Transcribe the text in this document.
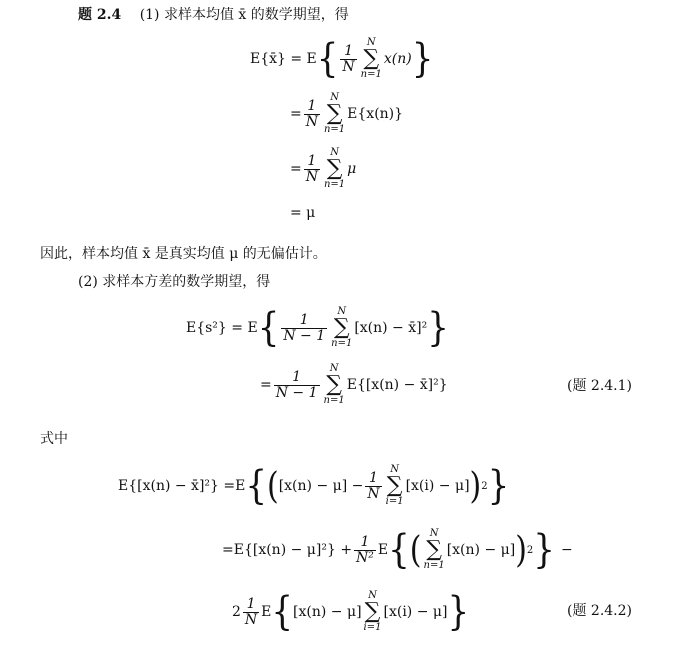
题 2.4 (1) 求样本均值 x̄ 的数学期望，得
E{x̄} = E { $\frac{1}{N}$
N
∑
n=1
x(n) }
= $\frac{1}{N}$
N
∑
n=1
E{x(n)}
= $\frac{1}{N}$
N
∑
n=1
μ
= μ
因此，样本均值 x̄ 是真实均值 μ 的无偏估计。
(2) 求样本方差的数学期望，得
E{s²} = E { $\frac{1}{N - 1}$
N
∑
n=1
[x(n) − x̄]² }
= $\frac{1}{N - 1}$
N
∑
n=1
E{[x(n) − x̄]²}	(题 2.4.1)
式中
E{[x(n) − x̄]²} =E { ( $[x(n) - \mu] - \frac{1}{N}$
N
∑
i=1
[x(i) − μ] ) 2 }
$=E\{[x(n) - \mu]^2\} + \frac{1}{\text{N²}}$ E { ( N
∑
n=1
[x(n) − μ] ) 2 } −
$2 \frac{1}{N}$ E { [x(n) − μ]
N
∑
i=1
[x(i) − μ] }	(题 2.4.2)
